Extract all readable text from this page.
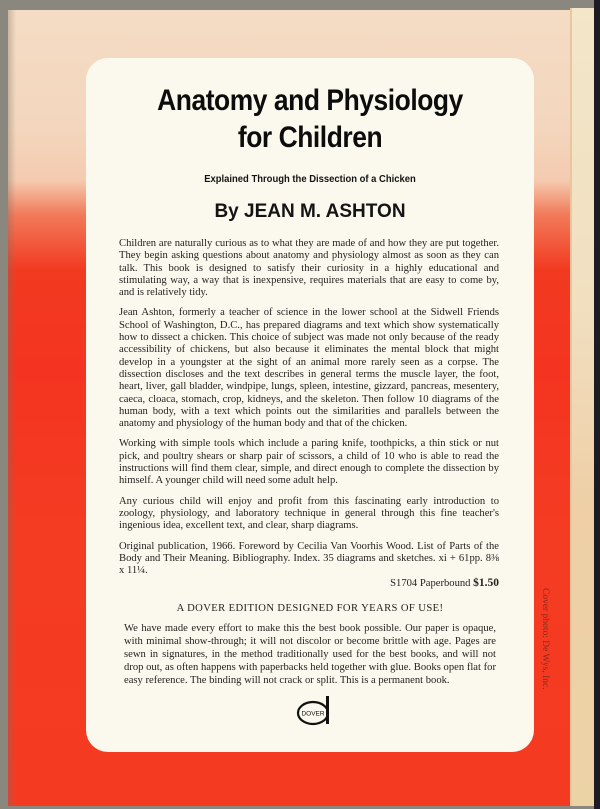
Anatomy and Physiology
for Children
Explained Through the Dissection of a Chicken
By JEAN M. ASHTON

Children are naturally curious as to what they are made of and how they are put together. They begin asking questions about anatomy and physiology almost as soon as they can talk. This book is designed to satisfy their curiosity in a highly educational and stimulating way, a way that is inexpensive, requires materials that are easy to come by, and is relatively tidy.

Jean Ashton, formerly a teacher of science in the lower school at the Sidwell Friends School of Washington, D.C., has prepared diagrams and text which show systematically how to dissect a chicken. This choice of subject was made not only because of the ready accessibility of chickens, but also because it eliminates the mental block that might develop in a youngster at the sight of an animal more rarely seen as a corpse. The dissection discloses and the text describes in general terms the muscle layer, the foot, heart, liver, gall bladder, windpipe, lungs, spleen, intestine, gizzard, pancreas, mesentery, caeca, cloaca, stomach, crop, kidneys, and the skeleton. Then follow 10 diagrams of the human body, with a text which points out the similarities and parallels between the anatomy and physiology of the human body and that of the chicken.

Working with simple tools which include a paring knife, toothpicks, a thin stick or nut pick, and poultry shears or sharp pair of scissors, a child of 10 who is able to read the instructions will find them clear, simple, and direct enough to complete the dissection by himself. A younger child will need some adult help.

Any curious child will enjoy and profit from this fascinating early introduction to zoology, physiology, and laboratory technique in general through this fine teacher's ingenious idea, excellent text, and clear, sharp diagrams.

Original publication, 1966. Foreword by Cecilia Van Voorhis Wood. List of Parts of the Body and Their Meaning. Bibliography. Index. 35 diagrams and sketches. xi + 61pp. 8⅜ x 11¼.
S1704 Paperbound $1.50
A DOVER EDITION DESIGNED FOR YEARS OF USE!

We have made every effort to make this the best book possible. Our paper is opaque, with minimal show-through; it will not discolor or become brittle with age. Pages are sewn in signatures, in the method traditionally used for the best books, and will not drop out, as often happens with paperbacks held together with glue. Books open flat for easy reference. The binding will not crack or split. This is a permanent book.

DOVER
Cover photo: De Wys, Inc.
